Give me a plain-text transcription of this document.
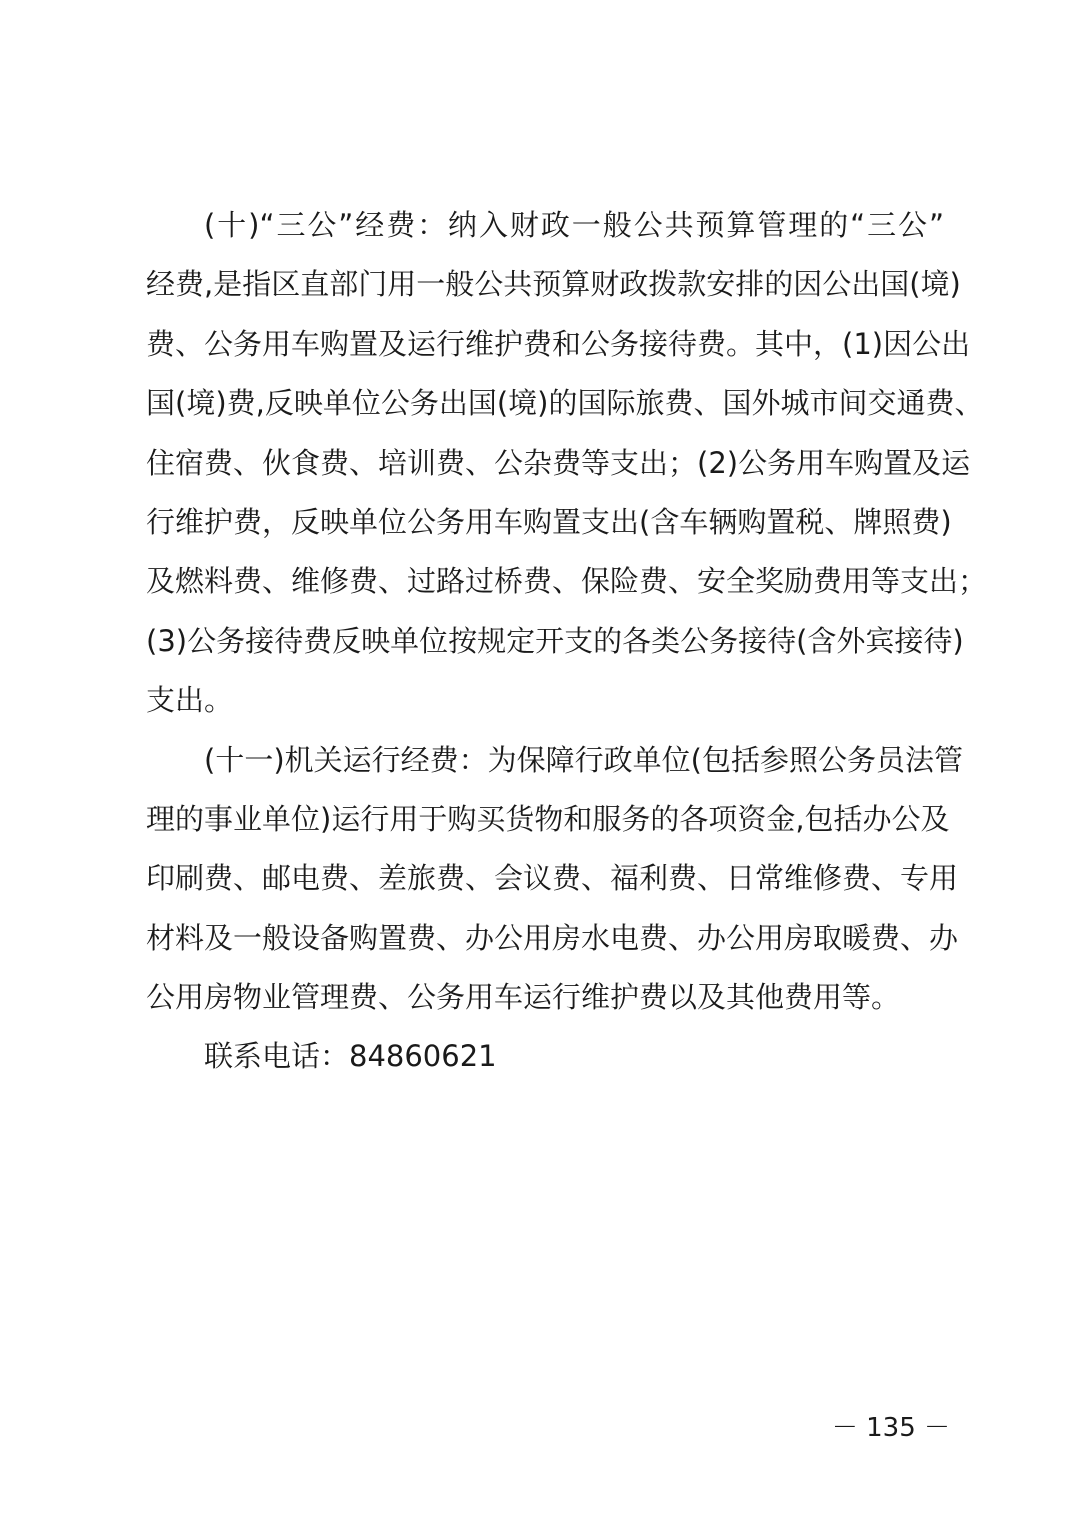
(十)“三公”经费：纳入财政一般公共预算管理的“三公”
经费,是指区直部门用一般公共预算财政拨款安排的因公出国(境)
费、公务用车购置及运行维护费和公务接待费。其中，(1)因公出
国(境)费,反映单位公务出国(境)的国际旅费、国外城市间交通费、
住宿费、伙食费、培训费、公杂费等支出；(2)公务用车购置及运
行维护费，反映单位公务用车购置支出(含车辆购置税、牌照费)
及燃料费、维修费、过路过桥费、保险费、安全奖励费用等支出；
(3)公务接待费反映单位按规定开支的各类公务接待(含外宾接待)
支出。
(十一)机关运行经费：为保障行政单位(包括参照公务员法管
理的事业单位)运行用于购买货物和服务的各项资金,包括办公及
印刷费、邮电费、差旅费、会议费、福利费、日常维修费、专用
材料及一般设备购置费、办公用房水电费、办公用房取暖费、办
公用房物业管理费、公务用车运行维护费以及其他费用等。
联系电话：84860621
－ 135 －
